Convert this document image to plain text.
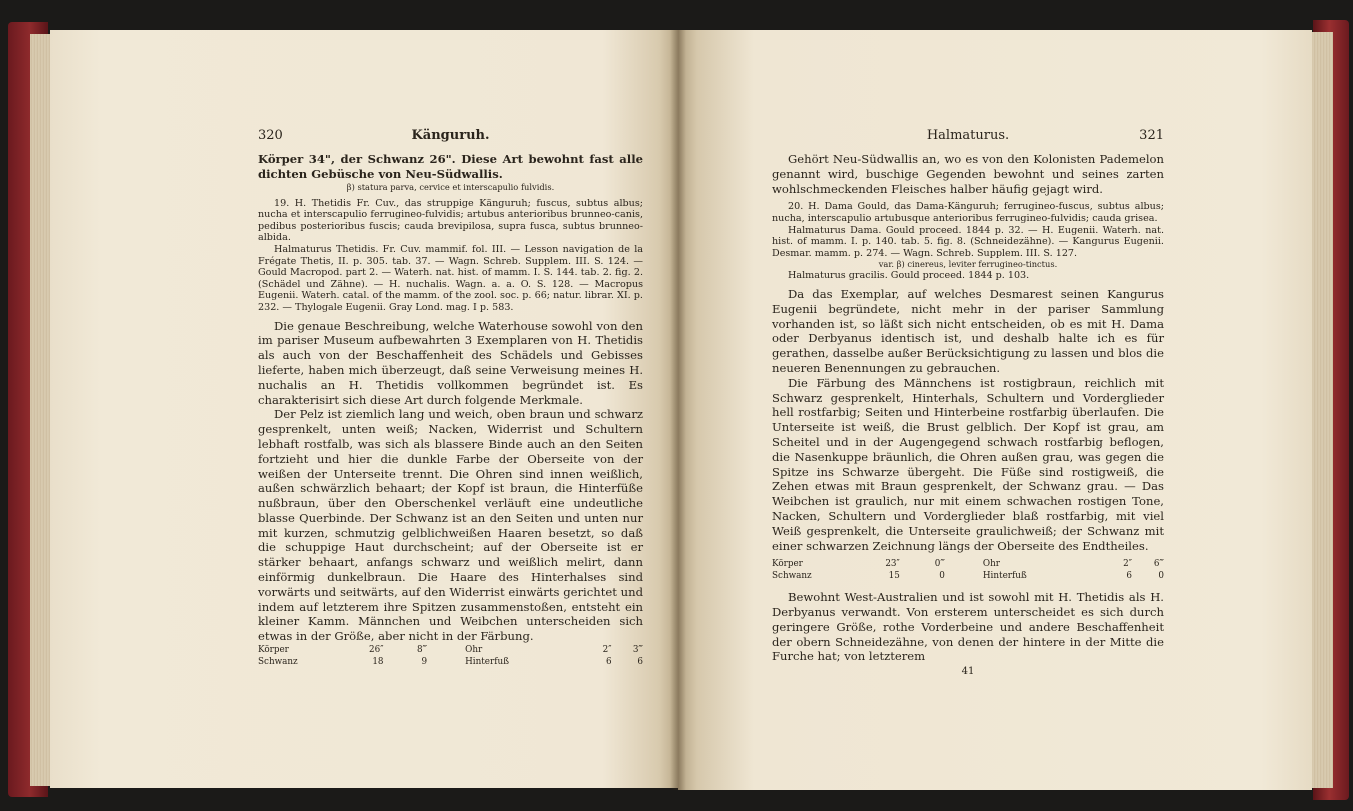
320	Känguruh.

Körper 34", der Schwanz 26". Diese Art bewohnt fast alle dichten Gebüsche von Neu-Südwallis.

β) statura parva, cervice et interscapulio fulvidis.

19. H. Thetidis Fr. Cuv., das struppige Känguruh; fuscus, subtus albus; nucha et interscapulio ferrugineo-fulvidis; artubus anterioribus brunneo-canis, pedibus posterioribus fuscis; cauda brevipilosa, supra fusca, subtus brunneo-albida.

Halmaturus Thetidis. Fr. Cuv. mammif. fol. III. — Lesson navigation de la Frégate Thetis, II. p. 305. tab. 37. — Wagn. Schreb. Supplem. III. S. 124. — Gould Macropod. part 2. — Waterh. nat. hist. of mamm. I. S. 144. tab. 2. fig. 2. (Schädel und Zähne). — H. nuchalis. Wagn. a. a. O. S. 128. — Macropus Eugenii. Waterh. catal. of the mamm. of the zool. soc. p. 66; natur. librar. XI. p. 232. — Thylogale Eugenii. Gray Lond. mag. I p. 583.

Die genaue Beschreibung, welche Waterhouse sowohl von den im pariser Museum aufbewahrten 3 Exemplaren von H. Thetidis als auch von der Beschaffenheit des Schädels und Gebisses lieferte, haben mich überzeugt, daß seine Verweisung meines H. nuchalis an H. Thetidis vollkommen begründet ist. Es charakterisirt sich diese Art durch folgende Merkmale.

Der Pelz ist ziemlich lang und weich, oben braun und schwarz gesprenkelt, unten weiß; Nacken, Widerrist und Schultern lebhaft rostfalb, was sich als blassere Binde auch an den Seiten fortzieht und hier die dunkle Farbe der Oberseite von der weißen der Unterseite trennt. Die Ohren sind innen weißlich, außen schwärzlich behaart; der Kopf ist braun, die Hinterfüße nußbraun, über den Oberschenkel verläuft eine undeutliche blasse Querbinde. Der Schwanz ist an den Seiten und unten nur mit kurzen, schmutzig gelblichweißen Haaren besetzt, so daß die schuppige Haut durchscheint; auf der Oberseite ist er stärker behaart, anfangs schwarz und weißlich melirt, dann einförmig dunkelbraun. Die Haare des Hinterhalses sind vorwärts und seitwärts, auf den Widerrist einwärts gerichtet und indem auf letzterem ihre Spitzen zusammenstoßen, entsteht ein kleiner Kamm. Männchen und Weibchen unterscheiden sich etwas in der Größe, aber nicht in der Färbung.

Körper	26″	8‴	Ohr	2″	3‴
Schwanz	18	9	Hinterfuß	6	6
Halmaturus.	321

Gehört Neu-Südwallis an, wo es von den Kolonisten Pademelon genannt wird, buschige Gegenden bewohnt und seines zarten wohlschmeckenden Fleisches halber häufig gejagt wird.

20. H. Dama Gould, das Dama-Känguruh; ferrugineo-fuscus, subtus albus; nucha, interscapulio artubusque anterioribus ferrugineo-fulvidis; cauda grisea.

Halmaturus Dama. Gould proceed. 1844 p. 32. — H. Eugenii. Waterh. nat. hist. of mamm. I. p. 140. tab. 5. fig. 8. (Schneidezähne). — Kangurus Eugenii. Desmar. mamm. p. 274. — Wagn. Schreb. Supplem. III. S. 127.

var. β) cinereus, leviter ferrugineo-tinctus.

Halmaturus gracilis. Gould proceed. 1844 p. 103.

Da das Exemplar, auf welches Desmarest seinen Kangurus Eugenii begründete, nicht mehr in der pariser Sammlung vorhanden ist, so läßt sich nicht entscheiden, ob es mit H. Dama oder Derbyanus identisch ist, und deshalb halte ich es für gerathen, dasselbe außer Berücksichtigung zu lassen und blos die neueren Benennungen zu gebrauchen.

Die Färbung des Männchens ist rostigbraun, reichlich mit Schwarz gesprenkelt, Hinterhals, Schultern und Vorderglieder hell rostfarbig; Seiten und Hinterbeine rostfarbig überlaufen. Die Unterseite ist weiß, die Brust gelblich. Der Kopf ist grau, am Scheitel und in der Augengegend schwach rostfarbig beflogen, die Nasenkuppe bräunlich, die Ohren außen grau, was gegen die Spitze ins Schwarze übergeht. Die Füße sind rostigweiß, die Zehen etwas mit Braun gesprenkelt, der Schwanz grau. — Das Weibchen ist graulich, nur mit einem schwachen rostigen Tone, Nacken, Schultern und Vorderglieder blaß rostfarbig, mit viel Weiß gesprenkelt, die Unterseite graulichweiß; der Schwanz mit einer schwarzen Zeichnung längs der Oberseite des Endtheiles.

Körper	23″	0‴	Ohr	2″	6‴
Schwanz	15	0	Hinterfuß	6	0

Bewohnt West-Australien und ist sowohl mit H. Thetidis als H. Derbyanus verwandt. Von ersterem unterscheidet es sich durch geringere Größe, rothe Vorderbeine und andere Beschaffenheit der obern Schneidezähne, von denen der hintere in der Mitte die Furche hat; von letzterem

41
